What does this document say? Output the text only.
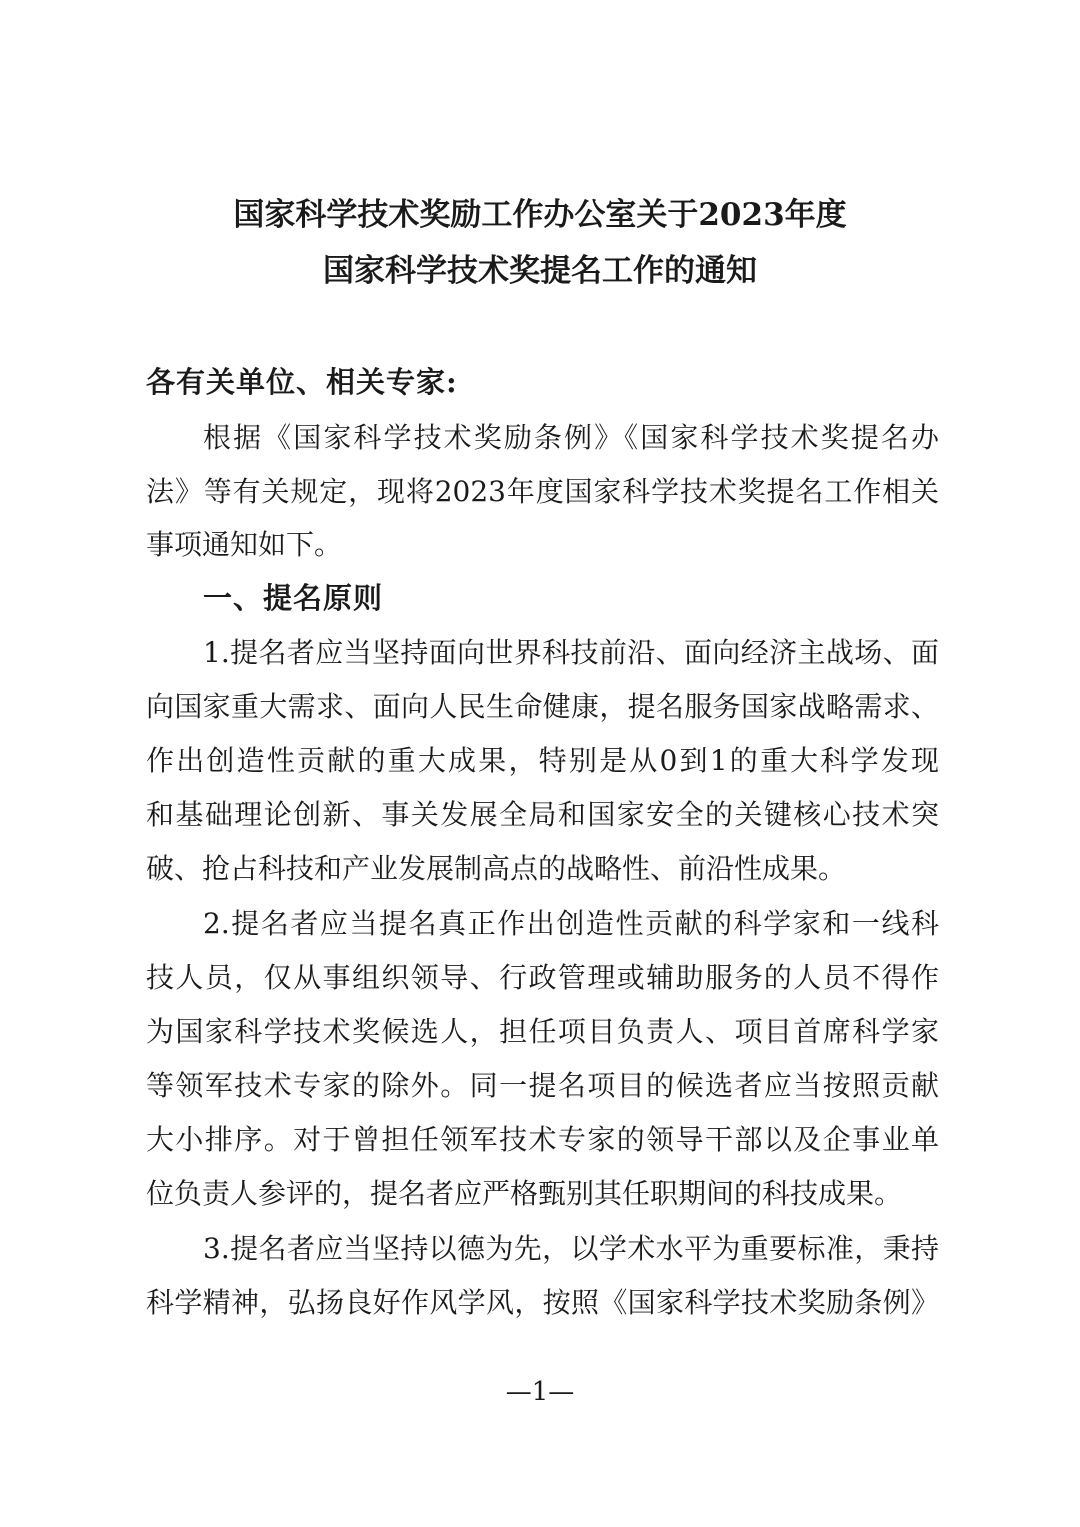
国家科学技术奖励工作办公室关于2023年度
国家科学技术奖提名工作的通知
各有关单位、相关专家:
根据《国家科学技术奖励条例》《国家科学技术奖提名办
法》等有关规定，现将2023年度国家科学技术奖提名工作相关
事项通知如下。
一、提名原则
1.提名者应当坚持面向世界科技前沿、面向经济主战场、面
向国家重大需求、面向人民生命健康，提名服务国家战略需求、
作出创造性贡献的重大成果，特别是从0到1的重大科学发现
和基础理论创新、事关发展全局和国家安全的关键核心技术突
破、抢占科技和产业发展制高点的战略性、前沿性成果。
2.提名者应当提名真正作出创造性贡献的科学家和一线科
技人员，仅从事组织领导、行政管理或辅助服务的人员不得作
为国家科学技术奖候选人，担任项目负责人、项目首席科学家
等领军技术专家的除外。同一提名项目的候选者应当按照贡献
大小排序。对于曾担任领军技术专家的领导干部以及企事业单
位负责人参评的，提名者应严格甄别其任职期间的科技成果。
3.提名者应当坚持以德为先，以学术水平为重要标准，秉持
科学精神，弘扬良好作风学风，按照《国家科学技术奖励条例》
—1—
